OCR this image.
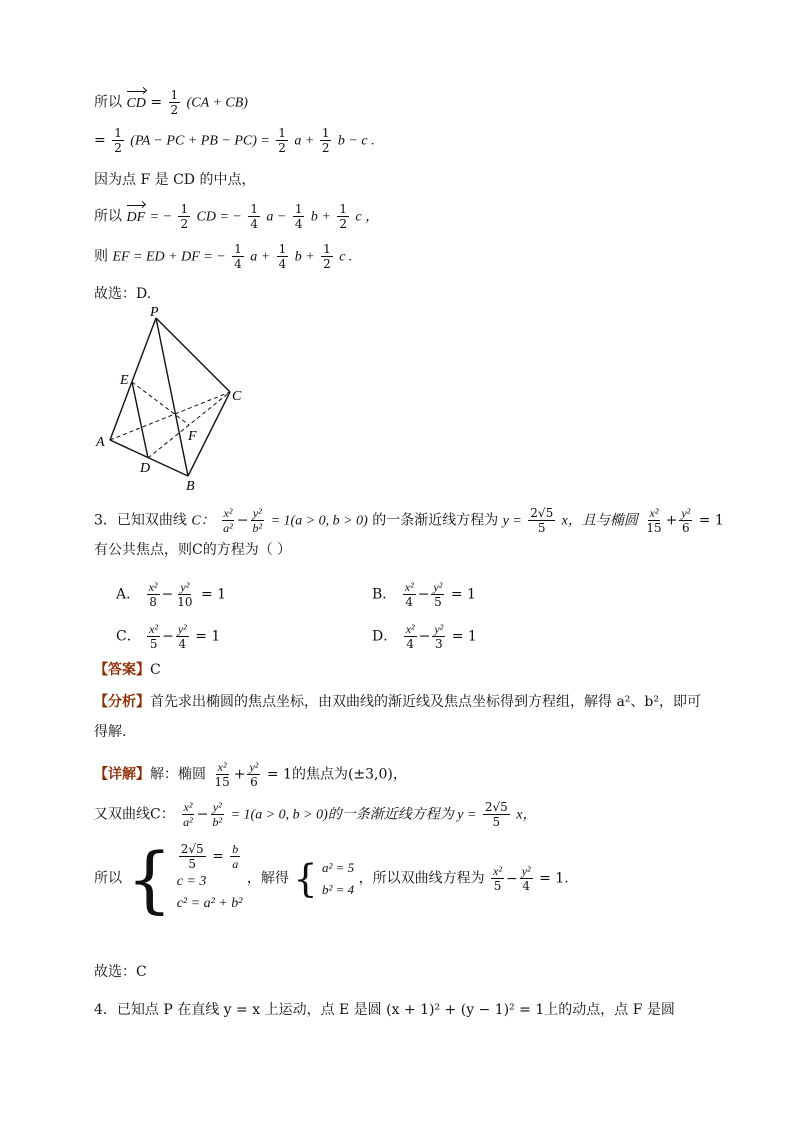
所以 CD = $\frac{1}{2} (CA + CB)$
= $\frac{1}{2} (PA$ − PC + PB − $PC) = \frac{1}{2}$ $a + \frac{1}{2}$ b − c .
因为点 F 是 CD 的中点，
所以 DF = − $\frac{1}{2}$ CD = − $\frac{1}{4}$ $a - \frac{1}{4}$ $b + \frac{1}{2}$ c ，
则 EF = ED + DF = − $\frac{1}{4}$ $a + \frac{1}{4}$ $b + \frac{1}{2}$ c .
故选：D.
P
E
C
F
A
D
B
3．已知双曲线 C： $\frac{\text{x²}}{\text{a²}} - \frac{\text{y²}}{\text{b²}} = 1(a > 0$, b > 0) 的一条渐近线方程为 $y = \frac{2√5}{5}$ x，且与椭圆 $\frac{\text{x²}}{15} + \frac{\text{y²}}{6} = 1$
有公共焦点，则C的方程为（ ）
A． $\frac{\text{x²}}{8} - \frac{\text{y²}}{10} = 1$	B． $\frac{\text{x²}}{4} - \frac{\text{y²}}{5} = 1$
C． $\frac{\text{x²}}{5} - \frac{\text{y²}}{4} = 1$	D． $\frac{\text{x²}}{4} - \frac{\text{y²}}{3} = 1$
【答案】C
【分析】首先求出椭圆的焦点坐标，由双曲线的渐近线及焦点坐标得到方程组，解得 a²、b²，即可
得解.
【详解】解：椭圆 $\frac{\text{x²}}{15} + \frac{\text{y²}}{6} = 1$的焦点为(±3,0)，
又双曲线C： $\frac{\text{x²}}{\text{a²}} - \frac{\text{y²}}{\text{b²}} = 1(a > 0$, b > 0)的一条渐近线方程为 $y = \frac{2√5}{5}$ x，
所以 { $\frac{2√5}{5} = \frac{b}{a}$
c = 3
c² = a² + b²
，解得 { a² = 5
b² = 4
，所以双曲线方程为 $\frac{\text{x²}}{5} - \frac{\text{y²}}{4} = 1$.
故选：C
4．已知点 P 在直线 y = x 上运动，点 E 是圆 (x + 1)² + (y − 1)² = 1上的动点，点 F 是圆
